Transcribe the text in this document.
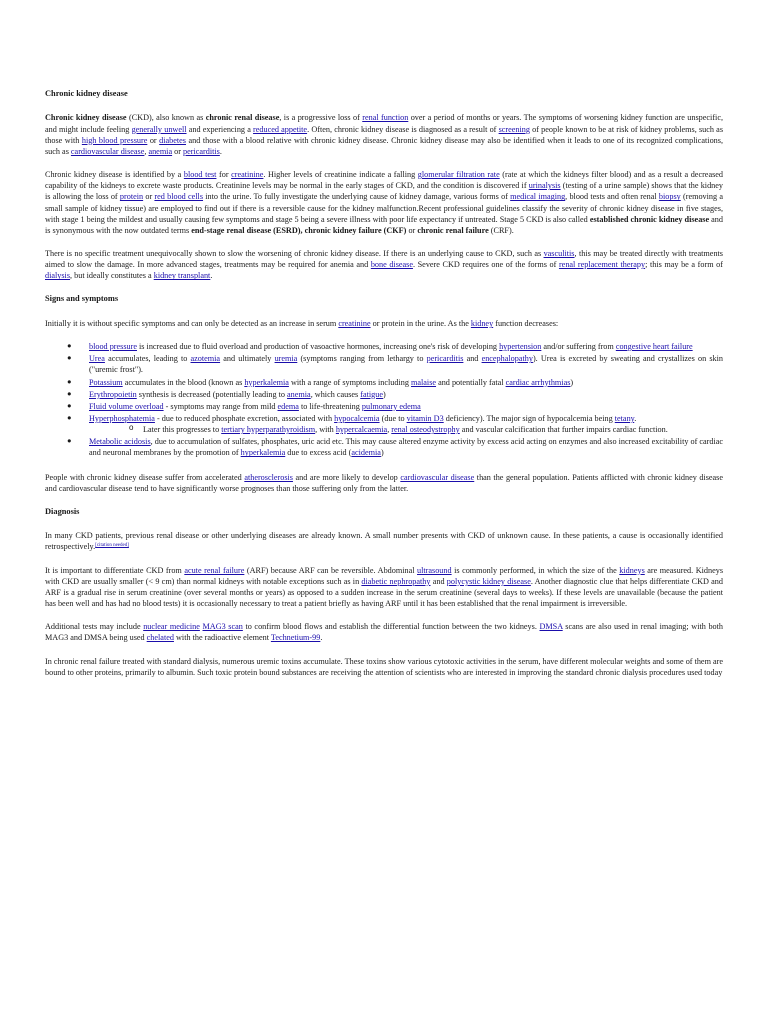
Chronic kidney disease

Chronic kidney disease (CKD), also known as chronic renal disease, is a progressive loss of renal function over a period of months or years. The symptoms of worsening kidney function are unspecific, and might include feeling generally unwell and experiencing a reduced appetite. Often, chronic kidney disease is diagnosed as a result of screening of people known to be at risk of kidney problems, such as those with high blood pressure or diabetes and those with a blood relative with chronic kidney disease. Chronic kidney disease may also be identified when it leads to one of its recognized complications, such as cardiovascular disease, anemia or pericarditis.

Chronic kidney disease is identified by a blood test for creatinine. Higher levels of creatinine indicate a falling glomerular filtration rate (rate at which the kidneys filter blood) and as a result a decreased capability of the kidneys to excrete waste products. Creatinine levels may be normal in the early stages of CKD, and the condition is discovered if urinalysis (testing of a urine sample) shows that the kidney is allowing the loss of protein or red blood cells into the urine. To fully investigate the underlying cause of kidney damage, various forms of medical imaging, blood tests and often renal biopsy (removing a small sample of kidney tissue) are employed to find out if there is a reversible cause for the kidney malfunction.Recent professional guidelines classify the severity of chronic kidney disease in five stages, with stage 1 being the mildest and usually causing few symptoms and stage 5 being a severe illness with poor life expectancy if untreated. Stage 5 CKD is also called established chronic kidney disease and is synonymous with the now outdated terms end-stage renal disease (ESRD), chronic kidney failure (CKF) or chronic renal failure (CRF).

There is no specific treatment unequivocally shown to slow the worsening of chronic kidney disease. If there is an underlying cause to CKD, such as vasculitis, this may be treated directly with treatments aimed to slow the damage. In more advanced stages, treatments may be required for anemia and bone disease. Severe CKD requires one of the forms of renal replacement therapy; this may be a form of dialysis, but ideally constitutes a kidney transplant.

Signs and symptoms

Initially it is without specific symptoms and can only be detected as an increase in serum creatinine or protein in the urine. As the kidney function decreases:

● blood pressure is increased due to fluid overload and production of vasoactive hormones, increasing one's risk of developing hypertension and/or suffering from congestive heart failure
● Urea accumulates, leading to azotemia and ultimately uremia (symptoms ranging from lethargy to pericarditis and encephalopathy). Urea is excreted by sweating and crystallizes on skin ("uremic frost").
● Potassium accumulates in the blood (known as hyperkalemia with a range of symptoms including malaise and potentially fatal cardiac arrhythmias)
● Erythropoietin synthesis is decreased (potentially leading to anemia, which causes fatigue)
● Fluid volume overload - symptoms may range from mild edema to life-threatening pulmonary edema
● Hyperphosphatemia - due to reduced phosphate excretion, associated with hypocalcemia (due to vitamin D3 deficiency). The major sign of hypocalcemia being tetany.
o Later this progresses to tertiary hyperparathyroidism, with hypercalcaemia, renal osteodystrophy and vascular calcification that further impairs cardiac function.
● Metabolic acidosis, due to accumulation of sulfates, phosphates, uric acid etc. This may cause altered enzyme activity by excess acid acting on enzymes and also increased excitability of cardiac and neuronal membranes by the promotion of hyperkalemia due to excess acid (acidemia)

People with chronic kidney disease suffer from accelerated atherosclerosis and are more likely to develop cardiovascular disease than the general population. Patients afflicted with chronic kidney disease and cardiovascular disease tend to have significantly worse prognoses than those suffering only from the latter.

Diagnosis

In many CKD patients, previous renal disease or other underlying diseases are already known. A small number presents with CKD of unknown cause. In these patients, a cause is occasionally identified retrospectively.[citation needed]

It is important to differentiate CKD from acute renal failure (ARF) because ARF can be reversible. Abdominal ultrasound is commonly performed, in which the size of the kidneys are measured. Kidneys with CKD are usually smaller (< 9 cm) than normal kidneys with notable exceptions such as in diabetic nephropathy and polycystic kidney disease. Another diagnostic clue that helps differentiate CKD and ARF is a gradual rise in serum creatinine (over several months or years) as opposed to a sudden increase in the serum creatinine (several days to weeks). If these levels are unavailable (because the patient has been well and has had no blood tests) it is occasionally necessary to treat a patient briefly as having ARF until it has been established that the renal impairment is irreversible.

Additional tests may include nuclear medicine MAG3 scan to confirm blood flows and establish the differential function between the two kidneys. DMSA scans are also used in renal imaging; with both MAG3 and DMSA being used chelated with the radioactive element Technetium-99.

In chronic renal failure treated with standard dialysis, numerous uremic toxins accumulate. These toxins show various cytotoxic activities in the serum, have different molecular weights and some of them are bound to other proteins, primarily to albumin. Such toxic protein bound substances are receiving the attention of scientists who are interested in improving the standard chronic dialysis procedures used today
